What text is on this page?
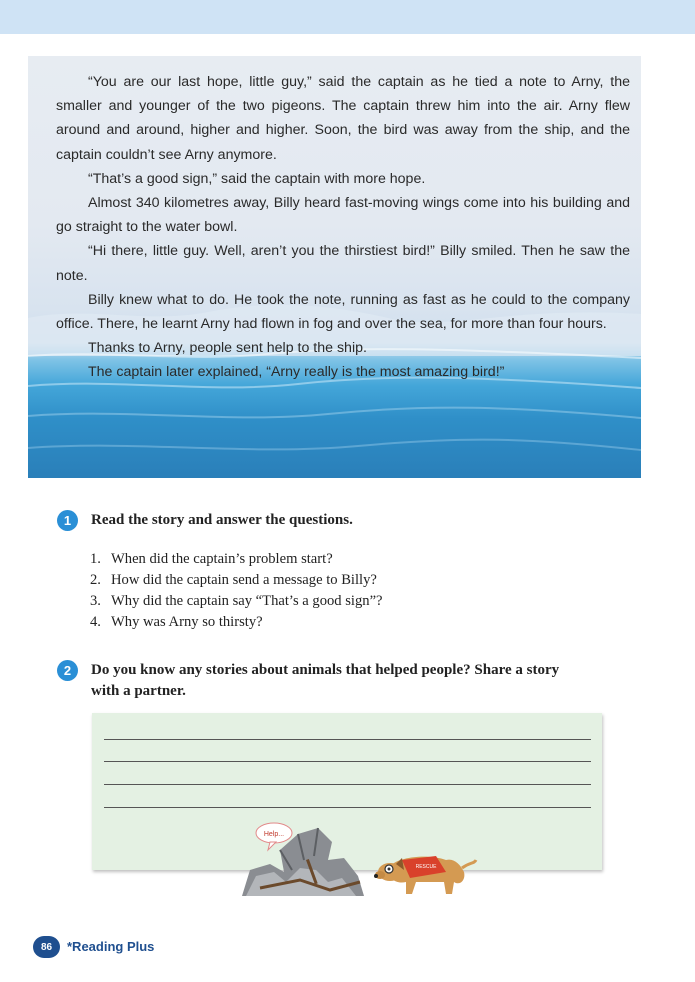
“You are our last hope, little guy,” said the captain as he tied a note to Arny, the smaller and younger of the two pigeons. The captain threw him into the air. Arny flew around and around, higher and higher. Soon, the bird was away from the ship, and the captain couldn’t see Arny anymore.

“That’s a good sign,” said the captain with more hope.

Almost 340 kilometres away, Billy heard fast-moving wings come into his building and go straight to the water bowl.

“Hi there, little guy. Well, aren’t you the thirstiest bird!” Billy smiled. Then he saw the note.

Billy knew what to do. He took the note, running as fast as he could to the company office. There, he learnt Arny had flown in fog and over the sea, for more than four hours.

Thanks to Arny, people sent help to the ship.

The captain later explained, “Arny really is the most amazing bird!”

1	Read the story and answer the questions.
1. When did the captain’s problem start?
2. How did the captain send a message to Billy?
3. Why did the captain say “That’s a good sign”?
4. Why was Arny so thirsty?
2	Do you know any stories about animals that helped people? Share a story
with a partner.
Help...
RESCUE
86	*Reading Plus
